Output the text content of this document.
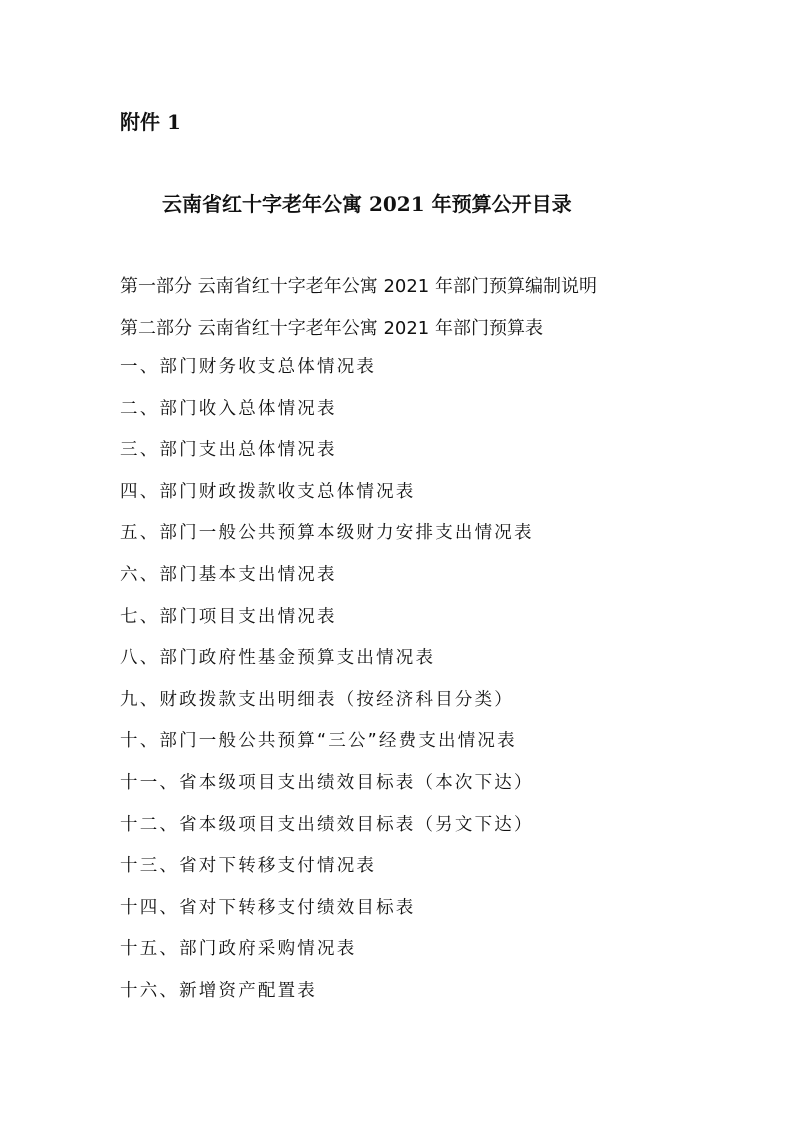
附件 1
云南省红十字老年公寓 2021 年预算公开目录
第一部分 云南省红十字老年公寓 2021 年部门预算编制说明
第二部分 云南省红十字老年公寓 2021 年部门预算表
一、部门财务收支总体情况表
二、部门收入总体情况表
三、部门支出总体情况表
四、部门财政拨款收支总体情况表
五、部门一般公共预算本级财力安排支出情况表
六、部门基本支出情况表
七、部门项目支出情况表
八、部门政府性基金预算支出情况表
九、财政拨款支出明细表（按经济科目分类）
十、部门一般公共预算“三公”经费支出情况表
十一、省本级项目支出绩效目标表（本次下达）
十二、省本级项目支出绩效目标表（另文下达）
十三、省对下转移支付情况表
十四、省对下转移支付绩效目标表
十五、部门政府采购情况表
十六、新增资产配置表
